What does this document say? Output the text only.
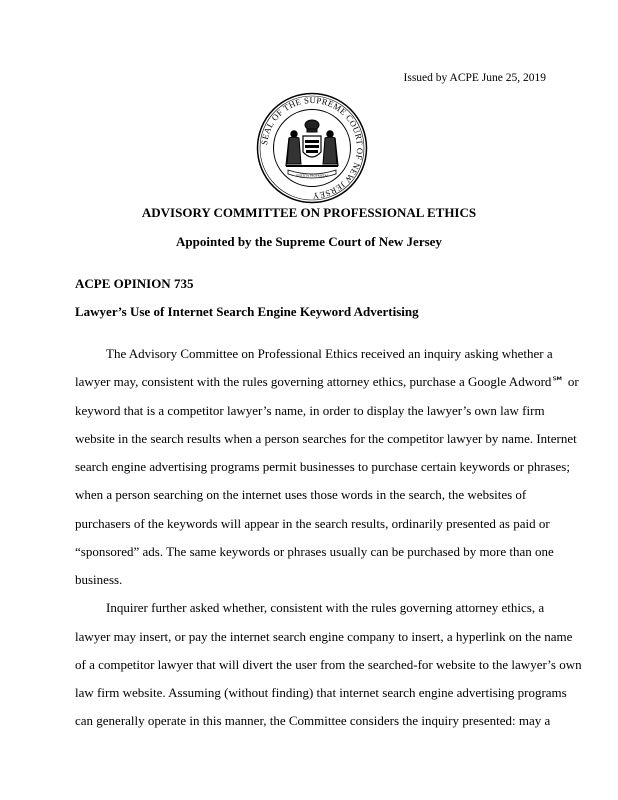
Issued by ACPE June 25, 2019
SEAL OF THE SUPREME COURT OF NEW JERSEY
JUSTITIA PROPRIETAS
ADVISORY COMMITTEE ON PROFESSIONAL ETHICS
Appointed by the Supreme Court of New Jersey
ACPE OPINION 735
Lawyer’s Use of Internet Search Engine Keyword Advertising
The Advisory Committee on Professional Ethics received an inquiry asking whether a
lawyer may, consistent with the rules governing attorney ethics, purchase a Google Adword℠ or
keyword that is a competitor lawyer’s name, in order to display the lawyer’s own law firm
website in the search results when a person searches for the competitor lawyer by name. Internet
search engine advertising programs permit businesses to purchase certain keywords or phrases;
when a person searching on the internet uses those words in the search, the websites of
purchasers of the keywords will appear in the search results, ordinarily presented as paid or
“sponsored” ads. The same keywords or phrases usually can be purchased by more than one
business.
Inquirer further asked whether, consistent with the rules governing attorney ethics, a
lawyer may insert, or pay the internet search engine company to insert, a hyperlink on the name
of a competitor lawyer that will divert the user from the searched-for website to the lawyer’s own
law firm website. Assuming (without finding) that internet search engine advertising programs
can generally operate in this manner, the Committee considers the inquiry presented: may a
